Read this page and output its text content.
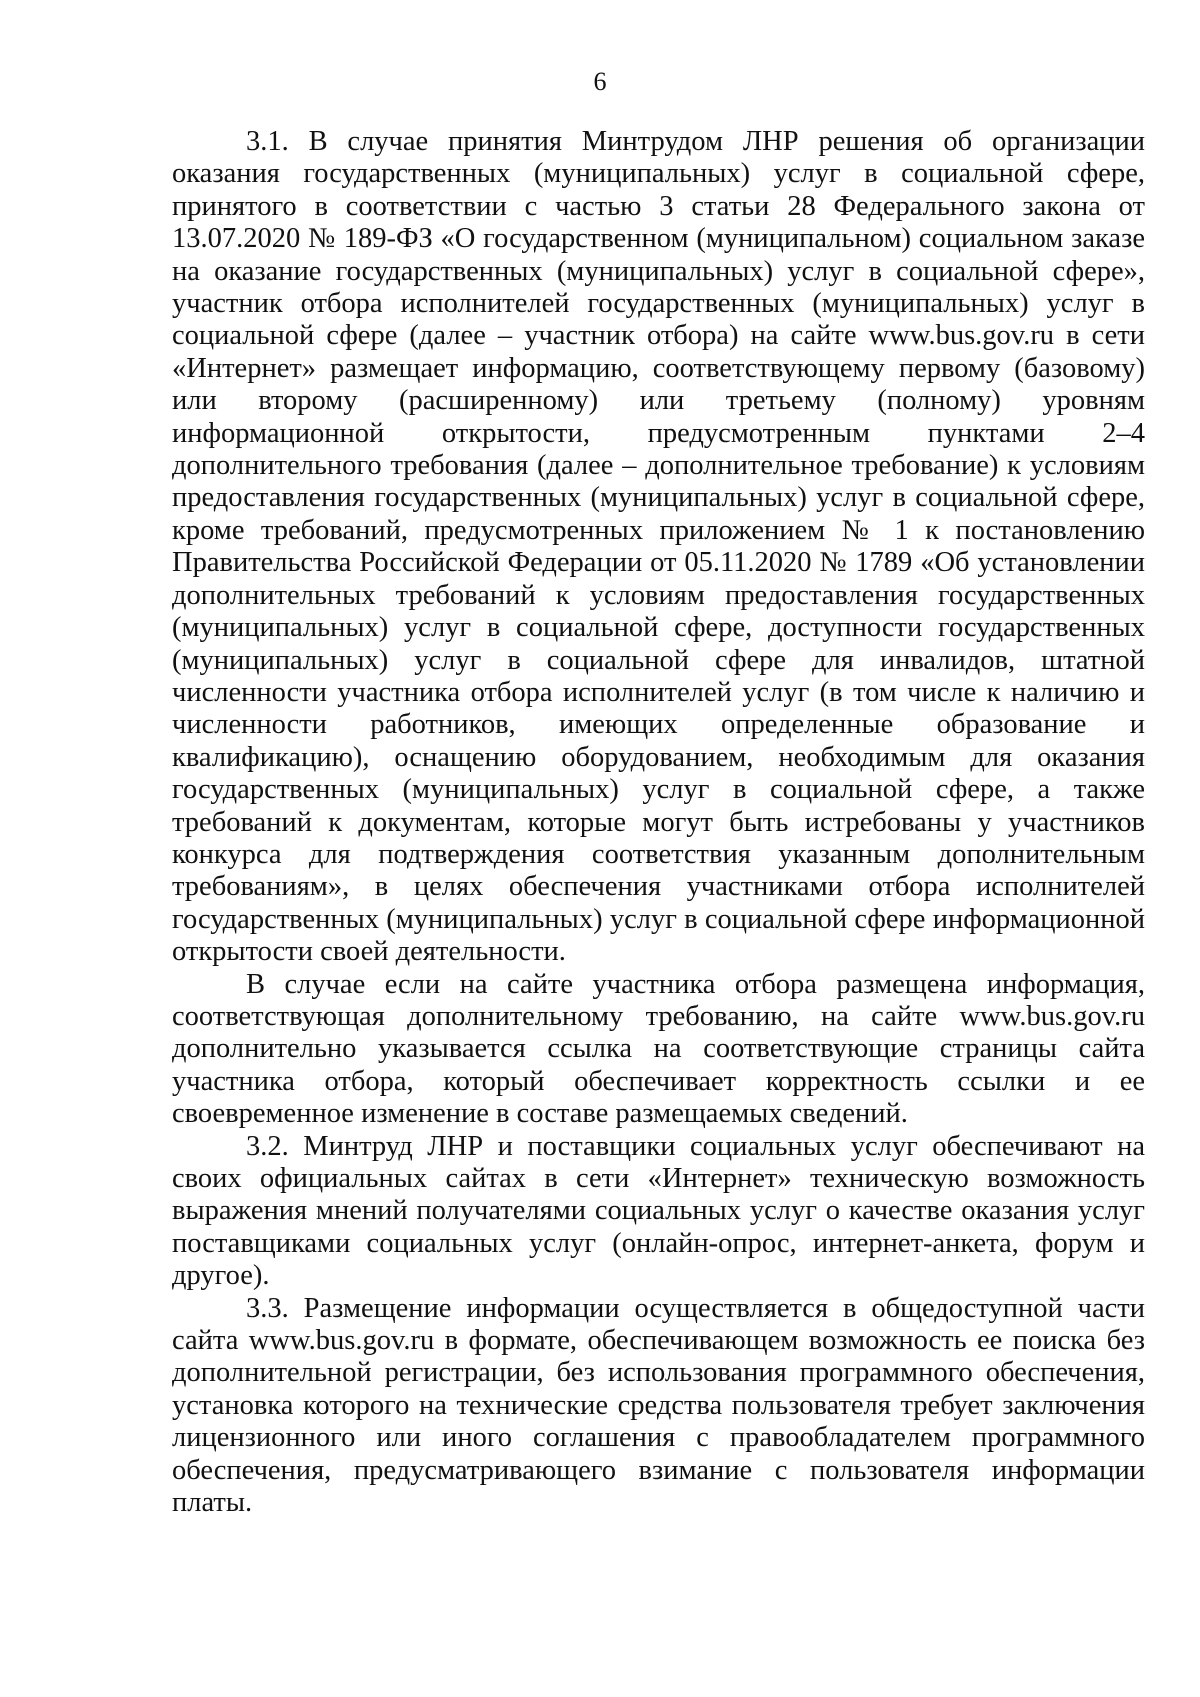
6

3.1. В случае принятия Минтрудом ЛНР решения об организации оказания государственных (муниципальных) услуг в социальной сфере, принятого в соответствии с частью 3 статьи 28 Федерального закона от 13.07.2020 № 189-ФЗ «О государственном (муниципальном) социальном заказе на оказание государственных (муниципальных) услуг в социальной сфере», участник отбора исполнителей государственных (муниципальных) услуг в социальной сфере (далее – участник отбора) на сайте www.bus.gov.ru в сети «Интернет» размещает информацию, соответствующему первому (базовому) или второму (расширенному) или третьему (полному) уровням информационной открытости, предусмотренным пунктами 2–4 дополнительного требования (далее – дополнительное требование) к условиям предоставления государственных (муниципальных) услуг в социальной сфере, кроме требований, предусмотренных приложением № 1 к постановлению Правительства Российской Федерации от 05.11.2020 № 1789 «Об установлении дополнительных требований к условиям предоставления государственных (муниципальных) услуг в социальной сфере, доступности государственных (муниципальных) услуг в социальной сфере для инвалидов, штатной численности участника отбора исполнителей услуг (в том числе к наличию и численности работников, имеющих определенные образование и квалификацию), оснащению оборудованием, необходимым для оказания государственных (муниципальных) услуг в социальной сфере, а также требований к документам, которые могут быть истребованы у участников конкурса для подтверждения соответствия указанным дополнительным требованиям», в целях обеспечения участниками отбора исполнителей государственных (муниципальных) услуг в социальной сфере информационной открытости своей деятельности.

В случае если на сайте участника отбора размещена информация, соответствующая дополнительному требованию, на сайте www.bus.gov.ru дополнительно указывается ссылка на соответствующие страницы сайта участника отбора, который обеспечивает корректность ссылки и ее своевременное изменение в составе размещаемых сведений.

3.2. Минтруд ЛНР и поставщики социальных услуг обеспечивают на своих официальных сайтах в сети «Интернет» техническую возможность выражения мнений получателями социальных услуг о качестве оказания услуг поставщиками социальных услуг (онлайн-опрос, интернет-анкета, форум и другое).

3.3. Размещение информации осуществляется в общедоступной части сайта www.bus.gov.ru в формате, обеспечивающем возможность ее поиска без дополнительной регистрации, без использования программного обеспечения, установка которого на технические средства пользователя требует заключения лицензионного или иного соглашения с правообладателем программного обеспечения, предусматривающего взимание с пользователя информации платы.
